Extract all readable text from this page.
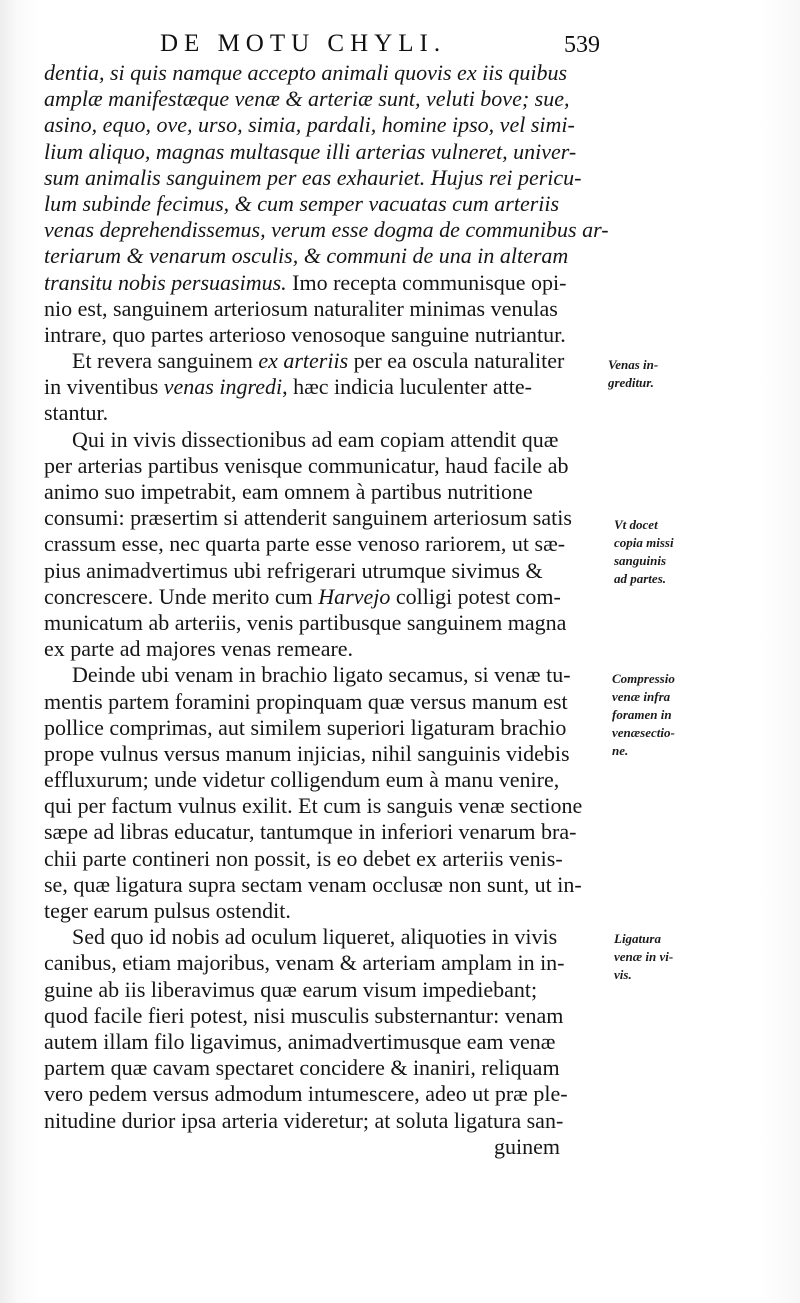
DE MOTU CHYLI.	539
dentia, si quis namque accepto animali quovis ex iis quibus
amplæ manifestæque venæ & arteriæ sunt, veluti bove; sue,
asino, equo, ove, urso, simia, pardali, homine ipso, vel simi-
lium aliquo, magnas multasque illi arterias vulneret, univer-
sum animalis sanguinem per eas exhauriet. Hujus rei pericu-
lum subinde fecimus, & cum semper vacuatas cum arteriis
venas deprehendissemus, verum esse dogma de communibus ar-
teriarum & venarum osculis, & communi de una in alteram
transitu nobis persuasimus. Imo recepta communisque opi-
nio est, sanguinem arteriosum naturaliter minimas venulas
intrare, quo partes arterioso venosoque sanguine nutriantur.
Et revera sanguinem ex arteriis per ea oscula naturaliter
in viventibus venas ingredi, hæc indicia luculenter atte-
stantur.
Qui in vivis dissectionibus ad eam copiam attendit quæ
per arterias partibus venisque communicatur, haud facile ab
animo suo impetrabit, eam omnem à partibus nutritione
consumi: præsertim si attenderit sanguinem arteriosum satis
crassum esse, nec quarta parte esse venoso rariorem, ut sæ-
pius animadvertimus ubi refrigerari utrumque sivimus &
concrescere. Unde merito cum Harvejo colligi potest com-
municatum ab arteriis, venis partibusque sanguinem magna
ex parte ad majores venas remeare.
Deinde ubi venam in brachio ligato secamus, si venæ tu-
mentis partem foramini propinquam quæ versus manum est
pollice comprimas, aut similem superiori ligaturam brachio
prope vulnus versus manum injicias, nihil sanguinis videbis
effluxurum; unde videtur colligendum eum à manu venire,
qui per factum vulnus exilit. Et cum is sanguis venæ sectione
sæpe ad libras educatur, tantumque in inferiori venarum bra-
chii parte contineri non possit, is eo debet ex arteriis venis-
se, quæ ligatura supra sectam venam occlusæ non sunt, ut in-
teger earum pulsus ostendit.
Sed quo id nobis ad oculum liqueret, aliquoties in vivis
canibus, etiam majoribus, venam & arteriam amplam in in-
guine ab iis liberavimus quæ earum visum impediebant;
quod facile fieri potest, nisi musculis substernantur: venam
autem illam filo ligavimus, animadvertimusque eam venæ
partem quæ cavam spectaret concidere & inaniri, reliquam
vero pedem versus admodum intumescere, adeo ut præ ple-
nitudine durior ipsa arteria videretur; at soluta ligatura san-
guinem
Venas in-
greditur.
Vt docet
copia missi
sanguinis
ad partes.
Compressio
venæ infra
foramen in
venæsectio-
ne.
Ligatura
venæ in vi-
vis.
